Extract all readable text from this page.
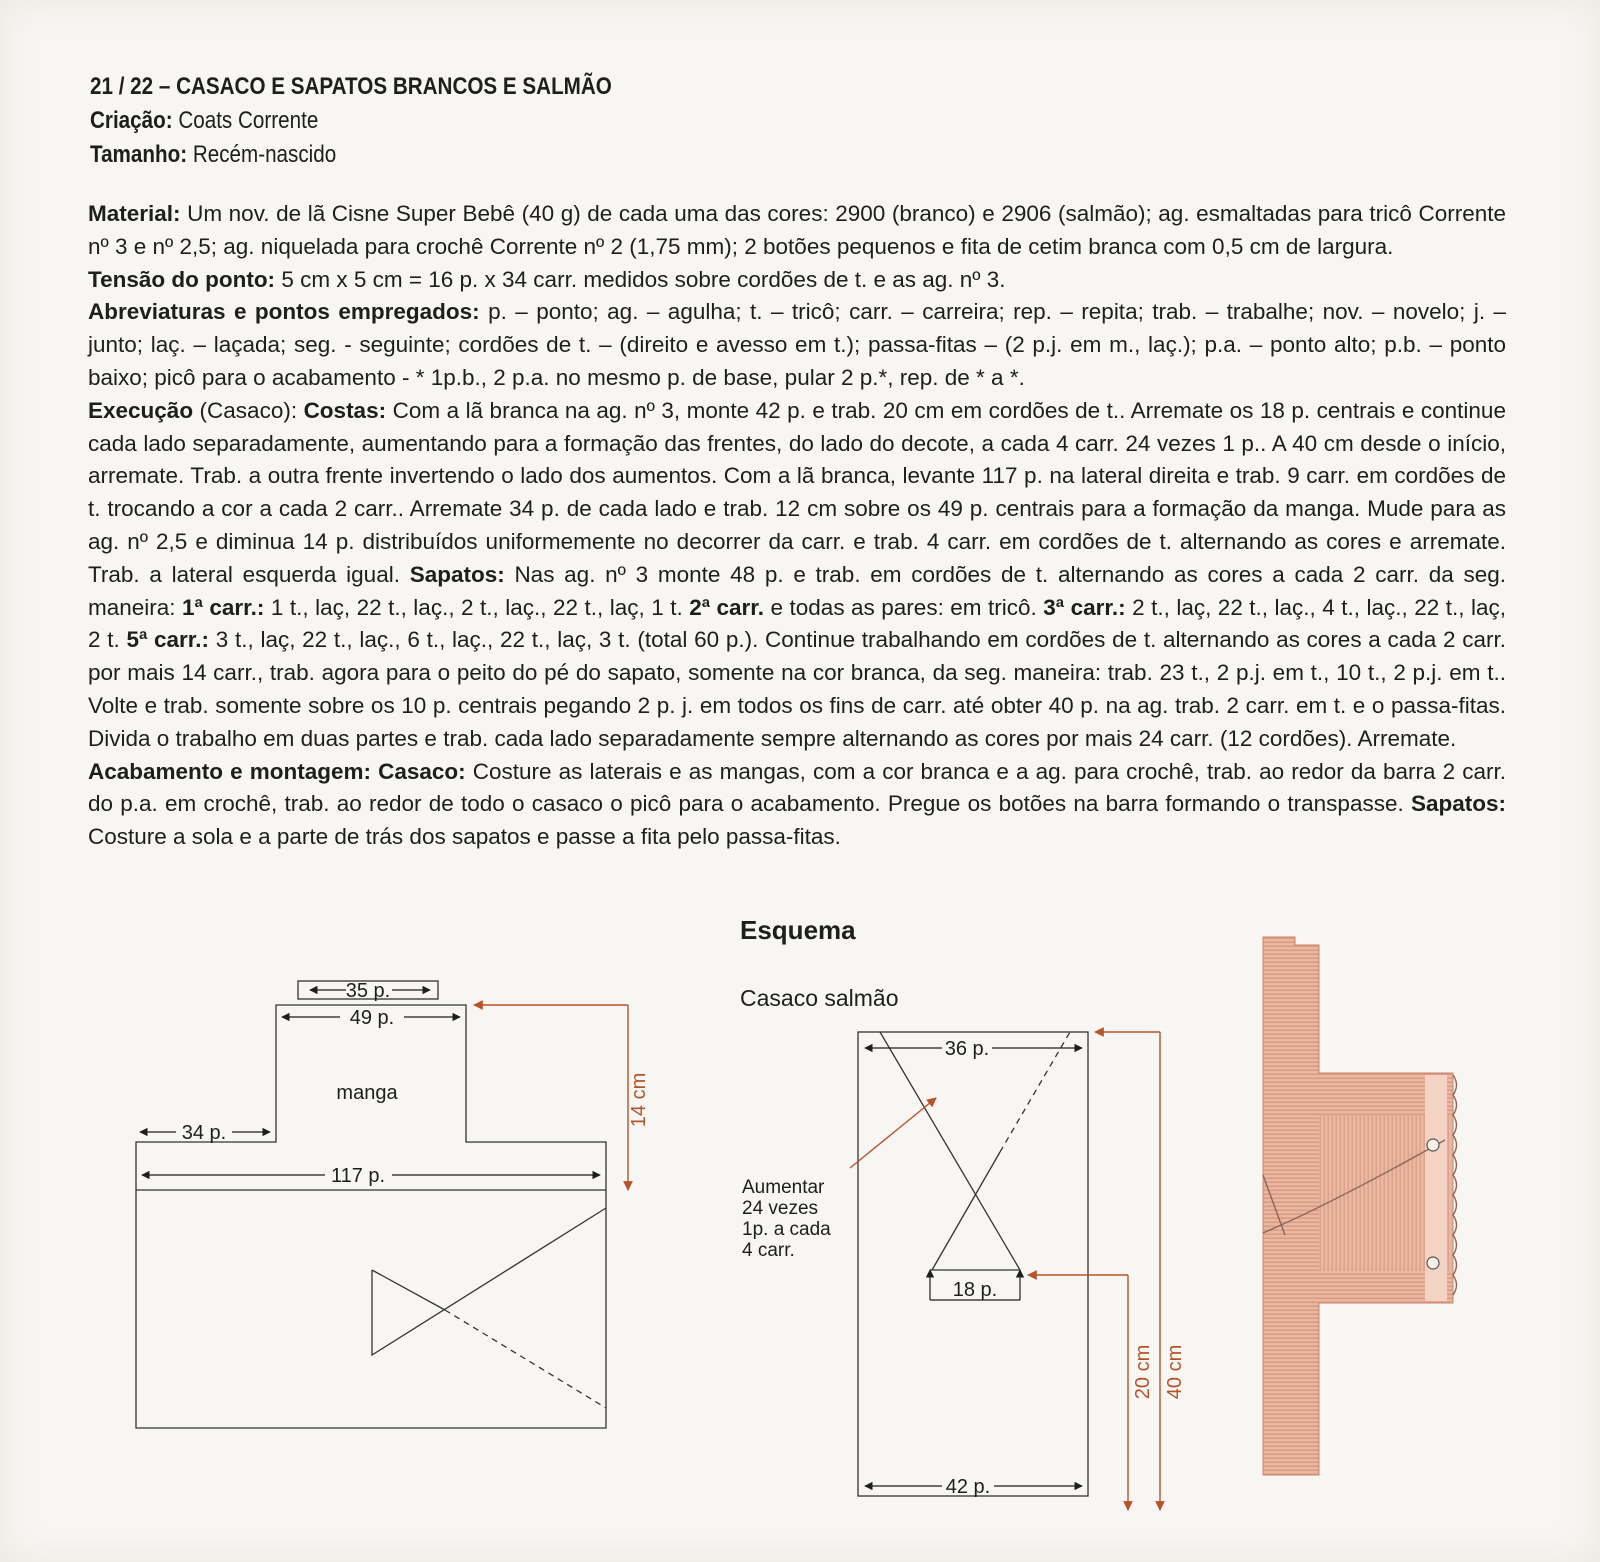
21 / 22 – CASACO E SAPATOS BRANCOS E SALMÃO
Criação: Coats Corrente
Tamanho: Recém-nascido

Material: Um nov. de lã Cisne Super Bebê (40 g) de cada uma das cores: 2900 (branco) e 2906 (salmão); ag. esmaltadas para tricô Corrente nº 3 e nº 2,5; ag. niquelada para crochê Corrente nº 2 (1,75 mm); 2 botões pequenos e fita de cetim branca com 0,5 cm de largura.

Tensão do ponto: 5 cm x 5 cm = 16 p. x 34 carr. medidos sobre cordões de t. e as ag. nº 3.

Abreviaturas e pontos empregados: p. – ponto; ag. – agulha; t. – tricô; carr. – carreira; rep. – repita; trab. – trabalhe; nov. – novelo; j. – junto; laç. – laçada; seg. - seguinte; cordões de t. – (direito e avesso em t.); passa-fitas – (2 p.j. em m., laç.); p.a. – ponto alto; p.b. – ponto baixo; picô para o acabamento - * 1p.b., 2 p.a. no mesmo p. de base, pular 2 p.*, rep. de * a *.

Execução (Casaco): Costas: Com a lã branca na ag. nº 3, monte 42 p. e trab. 20 cm em cordões de t.. Arremate os 18 p. centrais e continue cada lado separadamente, aumentando para a formação das frentes, do lado do decote, a cada 4 carr. 24 vezes 1 p.. A 40 cm desde o início, arremate. Trab. a outra frente invertendo o lado dos aumentos. Com a lã branca, levante 117 p. na lateral direita e trab. 9 carr. em cordões de t. trocando a cor a cada 2 carr.. Arremate 34 p. de cada lado e trab. 12 cm sobre os 49 p. centrais para a formação da manga. Mude para as ag. nº 2,5 e diminua 14 p. distribuídos uniformemente no decorrer da carr. e trab. 4 carr. em cordões de t. alternando as cores e arremate. Trab. a lateral esquerda igual. Sapatos: Nas ag. nº 3 monte 48 p. e trab. em cordões de t. alternando as cores a cada 2 carr. da seg. maneira: 1ª carr.: 1 t., laç, 22 t., laç., 2 t., laç., 22 t., laç, 1 t. 2ª carr. e todas as pares: em tricô. 3ª carr.: 2 t., laç, 22 t., laç., 4 t., laç., 22 t., laç, 2 t. 5ª carr.: 3 t., laç, 22 t., laç., 6 t., laç., 22 t., laç, 3 t. (total 60 p.). Continue trabalhando em cordões de t. alternando as cores a cada 2 carr. por mais 14 carr., trab. agora para o peito do pé do sapato, somente na cor branca, da seg. maneira: trab. 23 t., 2 p.j. em t., 10 t., 2 p.j. em t.. Volte e trab. somente sobre os 10 p. centrais pegando 2 p. j. em todos os fins de carr. até obter 40 p. na ag. trab. 2 carr. em t. e o passa-fitas. Divida o trabalho em duas partes e trab. cada lado separadamente sempre alternando as cores por mais 24 carr. (12 cordões). Arremate.

Acabamento e montagem: Casaco: Costure as laterais e as mangas, com a cor branca e a ag. para crochê, trab. ao redor da barra 2 carr. do p.a. em crochê, trab. ao redor de todo o casaco o picô para o acabamento. Pregue os botões na barra formando o transpasse. Sapatos: Costure a sola e a parte de trás dos sapatos e passe a fita pelo passa-fitas.

Esquema
Casaco salmão
35 p.
49 p.
manga
34 p.
117 p.
14 cm
36 p.
18 p.
42 p.
20 cm 40 cm
Aumentar 24 vezes 1p. a cada 4 carr.
